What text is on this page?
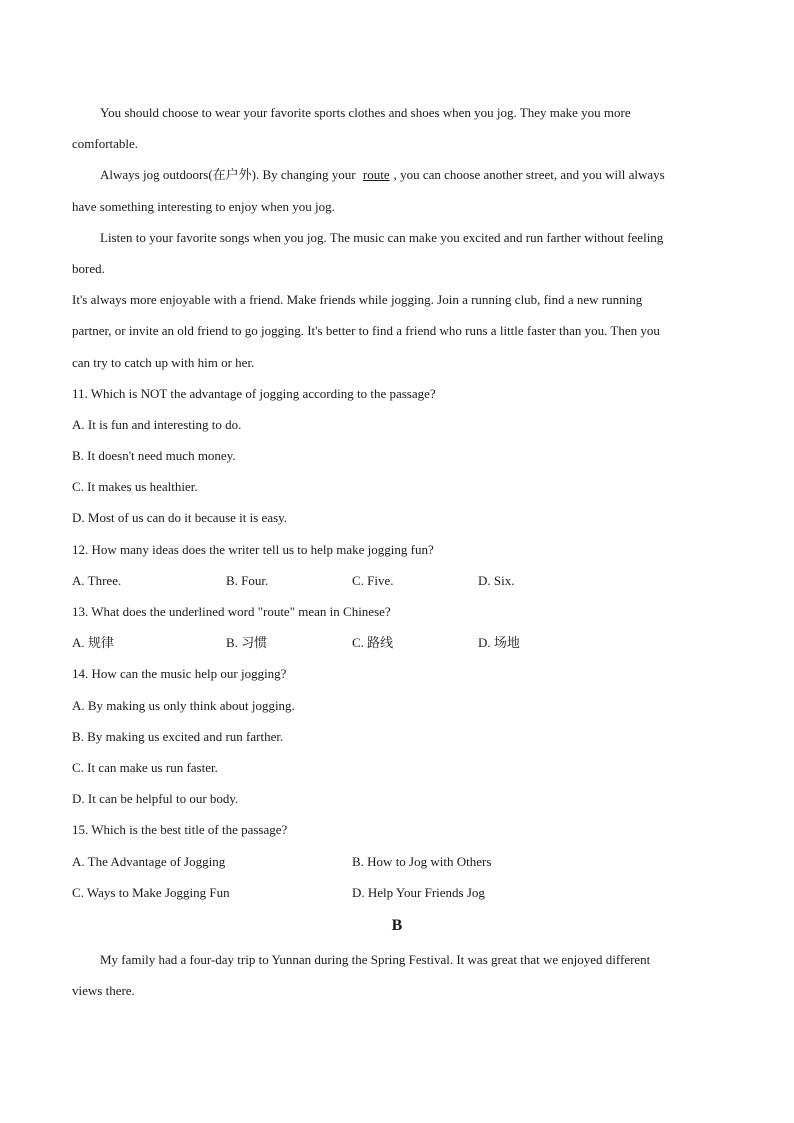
You should choose to wear your favorite sports clothes and shoes when you jog. They make you more
comfortable.
Always jog outdoors(在户外). By changing your route , you can choose another street, and you will always
have something interesting to enjoy when you jog.
Listen to your favorite songs when you jog. The music can make you excited and run farther without feeling
bored.
It's always more enjoyable with a friend. Make friends while jogging. Join a running club, find a new running
partner, or invite an old friend to go jogging. It's better to find a friend who runs a little faster than you. Then you
can try to catch up with him or her.
11. Which is NOT the advantage of jogging according to the passage?
A. It is fun and interesting to do.
B. It doesn't need much money.
C. It makes us healthier.
D. Most of us can do it because it is easy.
12. How many ideas does the writer tell us to help make jogging fun?
A. Three.	B. Four.	C. Five.	D. Six.
13. What does the underlined word "route" mean in Chinese?
A. 规律	B. 习惯	C. 路线	D. 场地
14. How can the music help our jogging?
A. By making us only think about jogging.
B. By making us excited and run farther.
C. It can make us run faster.
D. It can be helpful to our body.
15. Which is the best title of the passage?
A. The Advantage of Jogging	B. How to Jog with Others
C. Ways to Make Jogging Fun	D. Help Your Friends Jog
B
My family had a four-day trip to Yunnan during the Spring Festival. It was great that we enjoyed different
views there.
